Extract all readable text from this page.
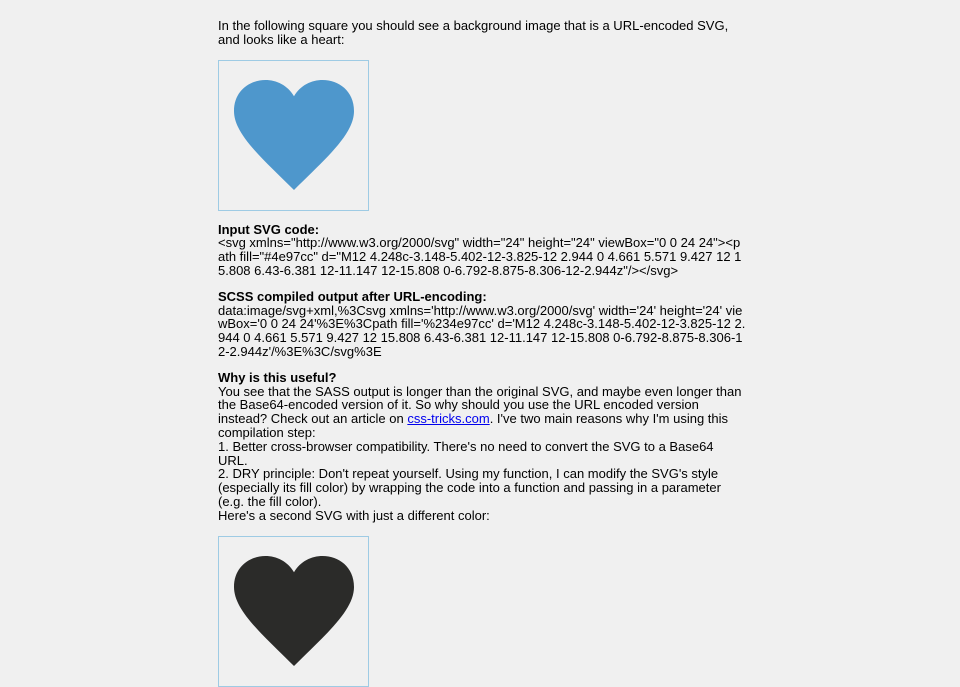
In the following square you should see a background image that is a URL-encoded SVG, and looks like a heart:

Input SVG code:

<svg xmlns="http://www.w3.org/2000/svg" width="24" height="24" viewBox="0 0 24 24"><path fill="#4e97cc" d="M12 4.248c-3.148-5.402-12-3.825-12 2.944 0 4.661 5.571 9.427 12 15.808 6.43-6.381 12-11.147 12-15.808 0-6.792-8.875-8.306-12-2.944z"/></svg>

SCSS compiled output after URL-encoding:

data:image/svg+xml,%3Csvg xmlns='http://www.w3.org/2000/svg' width='24' height='24' viewBox='0 0 24 24'%3E%3Cpath fill='%234e97cc' d='M12 4.248c-3.148-5.402-12-3.825-12 2.944 0 4.661 5.571 9.427 12 15.808 6.43-6.381 12-11.147 12-15.808 0-6.792-8.875-8.306-12-2.944z'/%3E%3C/svg%3E

Why is this useful?

You see that the SASS output is longer than the original SVG, and maybe even longer than the Base64-encoded version of it. So why should you use the URL encoded version instead? Check out an article on css-tricks.com. I've two main reasons why I'm using this compilation step:

1. Better cross-browser compatibility. There's no need to convert the SVG to a Base64 URL.

2. DRY principle: Don't repeat yourself. Using my function, I can modify the SVG's style (especially its fill color) by wrapping the code into a function and passing in a parameter (e.g. the fill color).

Here's a second SVG with just a different color:
